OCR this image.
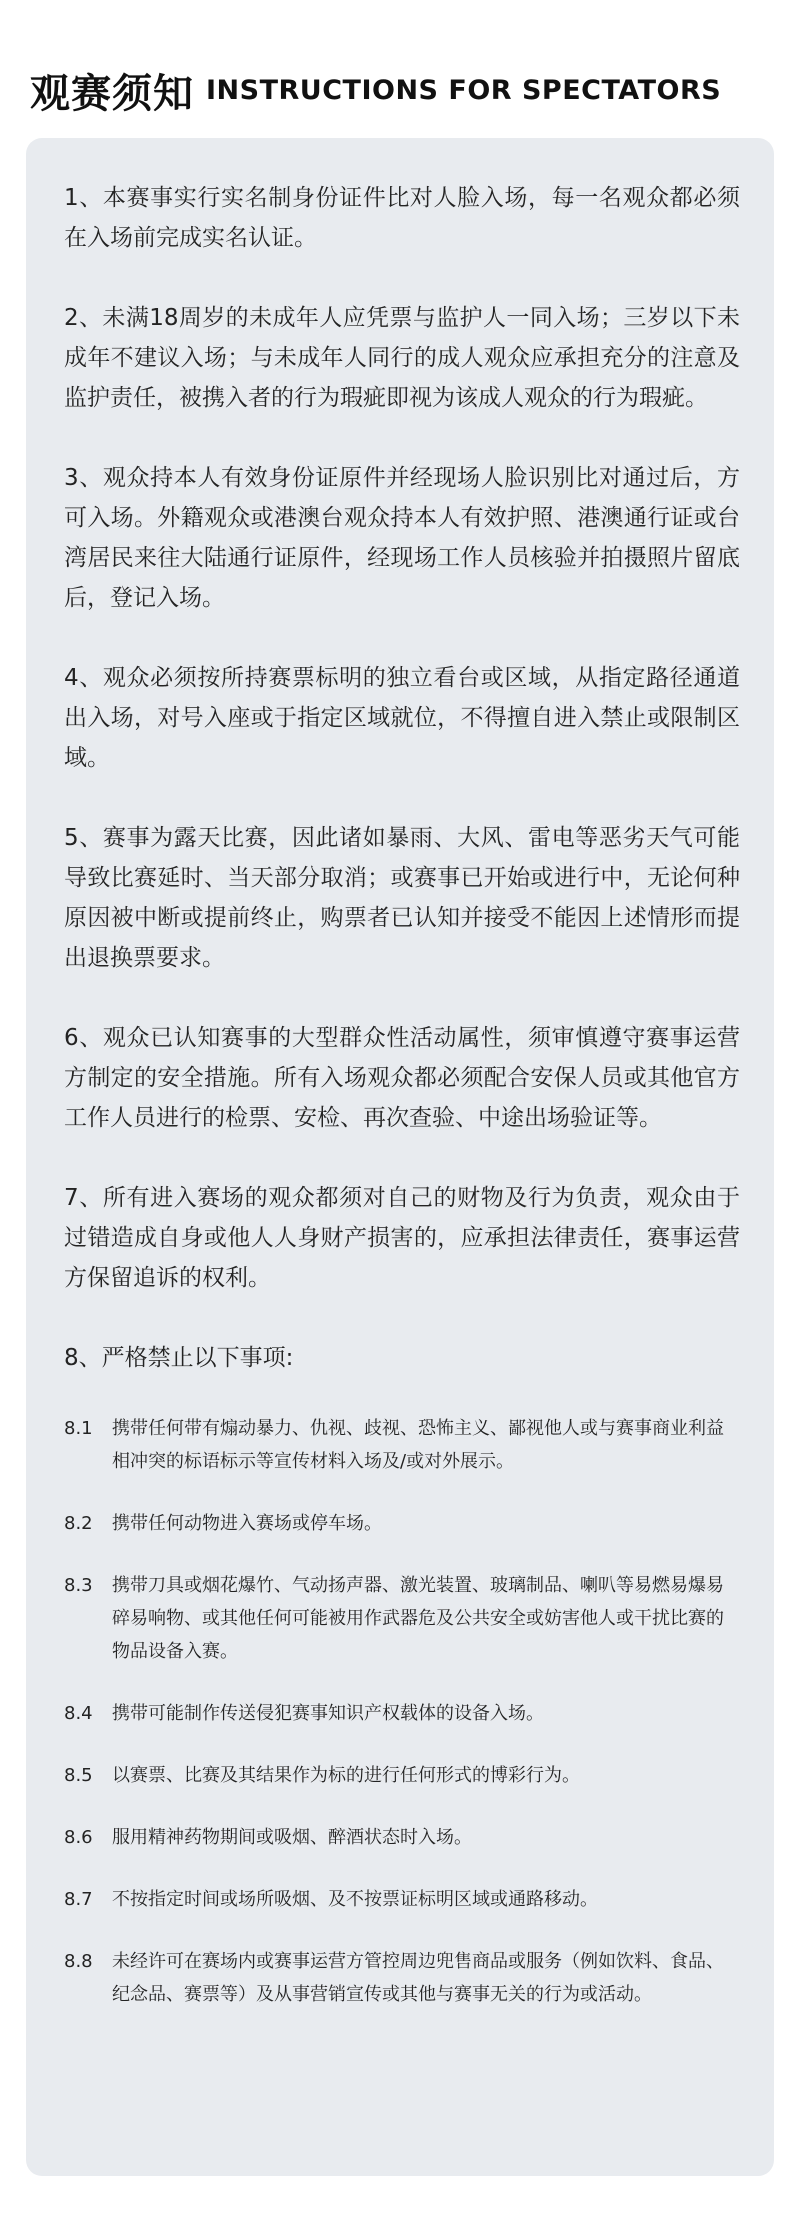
观赛须知 INSTRUCTIONS FOR SPECTATORS
1、本赛事实行实名制身份证件比对人脸入场，每一名观众都必须在入场前完成实名认证。
2、未满18周岁的未成年人应凭票与监护人一同入场；三岁以下未成年不建议入场；与未成年人同行的成人观众应承担充分的注意及监护责任，被携入者的行为瑕疵即视为该成人观众的行为瑕疵。
3、观众持本人有效身份证原件并经现场人脸识别比对通过后，方可入场。外籍观众或港澳台观众持本人有效护照、港澳通行证或台湾居民来往大陆通行证原件，经现场工作人员核验并拍摄照片留底后，登记入场。
4、观众必须按所持赛票标明的独立看台或区域，从指定路径通道出入场，对号入座或于指定区域就位，不得擅自进入禁止或限制区域。
5、赛事为露天比赛，因此诸如暴雨、大风、雷电等恶劣天气可能导致比赛延时、当天部分取消；或赛事已开始或进行中，无论何种原因被中断或提前终止，购票者已认知并接受不能因上述情形而提出退换票要求。
6、观众已认知赛事的大型群众性活动属性，须审慎遵守赛事运营方制定的安全措施。所有入场观众都必须配合安保人员或其他官方工作人员进行的检票、安检、再次查验、中途出场验证等。
7、所有进入赛场的观众都须对自己的财物及行为负责，观众由于过错造成自身或他人人身财产损害的，应承担法律责任，赛事运营方保留追诉的权利。
8、严格禁止以下事项:
8.1	携带任何带有煽动暴力、仇视、歧视、恐怖主义、鄙视他人或与赛事商业利益相冲突的标语标示等宣传材料入场及/或对外展示。
8.2	携带任何动物进入赛场或停车场。
8.3	携带刀具或烟花爆竹、气动扬声器、激光装置、玻璃制品、喇叭等易燃易爆易碎易响物、或其他任何可能被用作武器危及公共安全或妨害他人或干扰比赛的物品设备入赛。
8.4	携带可能制作传送侵犯赛事知识产权载体的设备入场。
8.5	以赛票、比赛及其结果作为标的进行任何形式的博彩行为。
8.6	服用精神药物期间或吸烟、醉酒状态时入场。
8.7	不按指定时间或场所吸烟、及不按票证标明区域或通路移动。
8.8	未经许可在赛场内或赛事运营方管控周边兜售商品或服务（例如饮料、食品、纪念品、赛票等）及从事营销宣传或其他与赛事无关的行为或活动。
